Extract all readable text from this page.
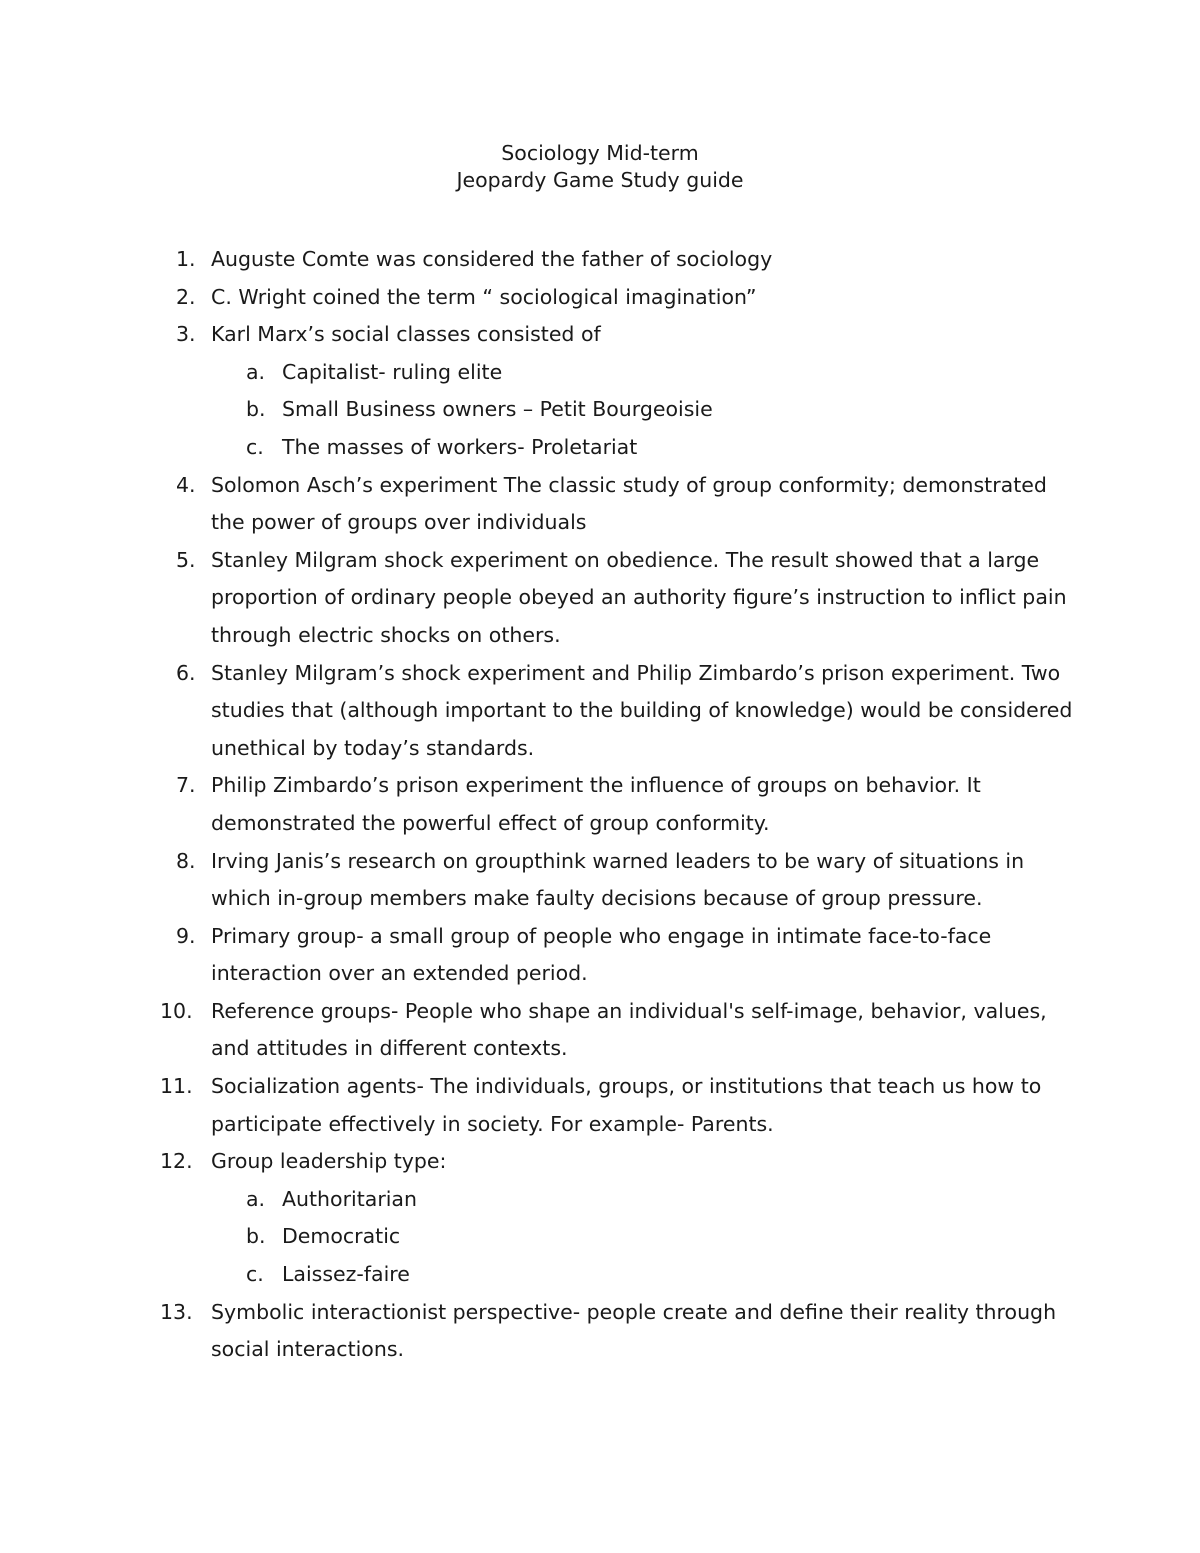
Sociology Mid-term
Jeopardy Game Study guide
1. Auguste Comte was considered the father of sociology
2. C. Wright coined the term “ sociological imagination”
3. Karl Marx’s social classes consisted of
a. Capitalist- ruling elite
b. Small Business owners – Petit Bourgeoisie
c. The masses of workers- Proletariat
4. Solomon Asch’s experiment The classic study of group conformity; demonstrated the power of groups over individuals
5. Stanley Milgram shock experiment on obedience. The result showed that a large proportion of ordinary people obeyed an authority figure’s instruction to inflict pain through electric shocks on others.
6. Stanley Milgram’s shock experiment and Philip Zimbardo’s prison experiment. Two studies that (although important to the building of knowledge) would be considered unethical by today’s standards.
7. Philip Zimbardo’s prison experiment the influence of groups on behavior. It demonstrated the powerful effect of group conformity.
8. Irving Janis’s research on groupthink warned leaders to be wary of situations in which in-group members make faulty decisions because of group pressure.
9. Primary group- a small group of people who engage in intimate face-to-face interaction over an extended period.
10. Reference groups- People who shape an individual's self-image, behavior, values, and attitudes in different contexts.
11. Socialization agents- The individuals, groups, or institutions that teach us how to participate effectively in society. For example- Parents.
12. Group leadership type:
a. Authoritarian
b. Democratic
c. Laissez-faire
13. Symbolic interactionist perspective- people create and define their reality through social interactions.
